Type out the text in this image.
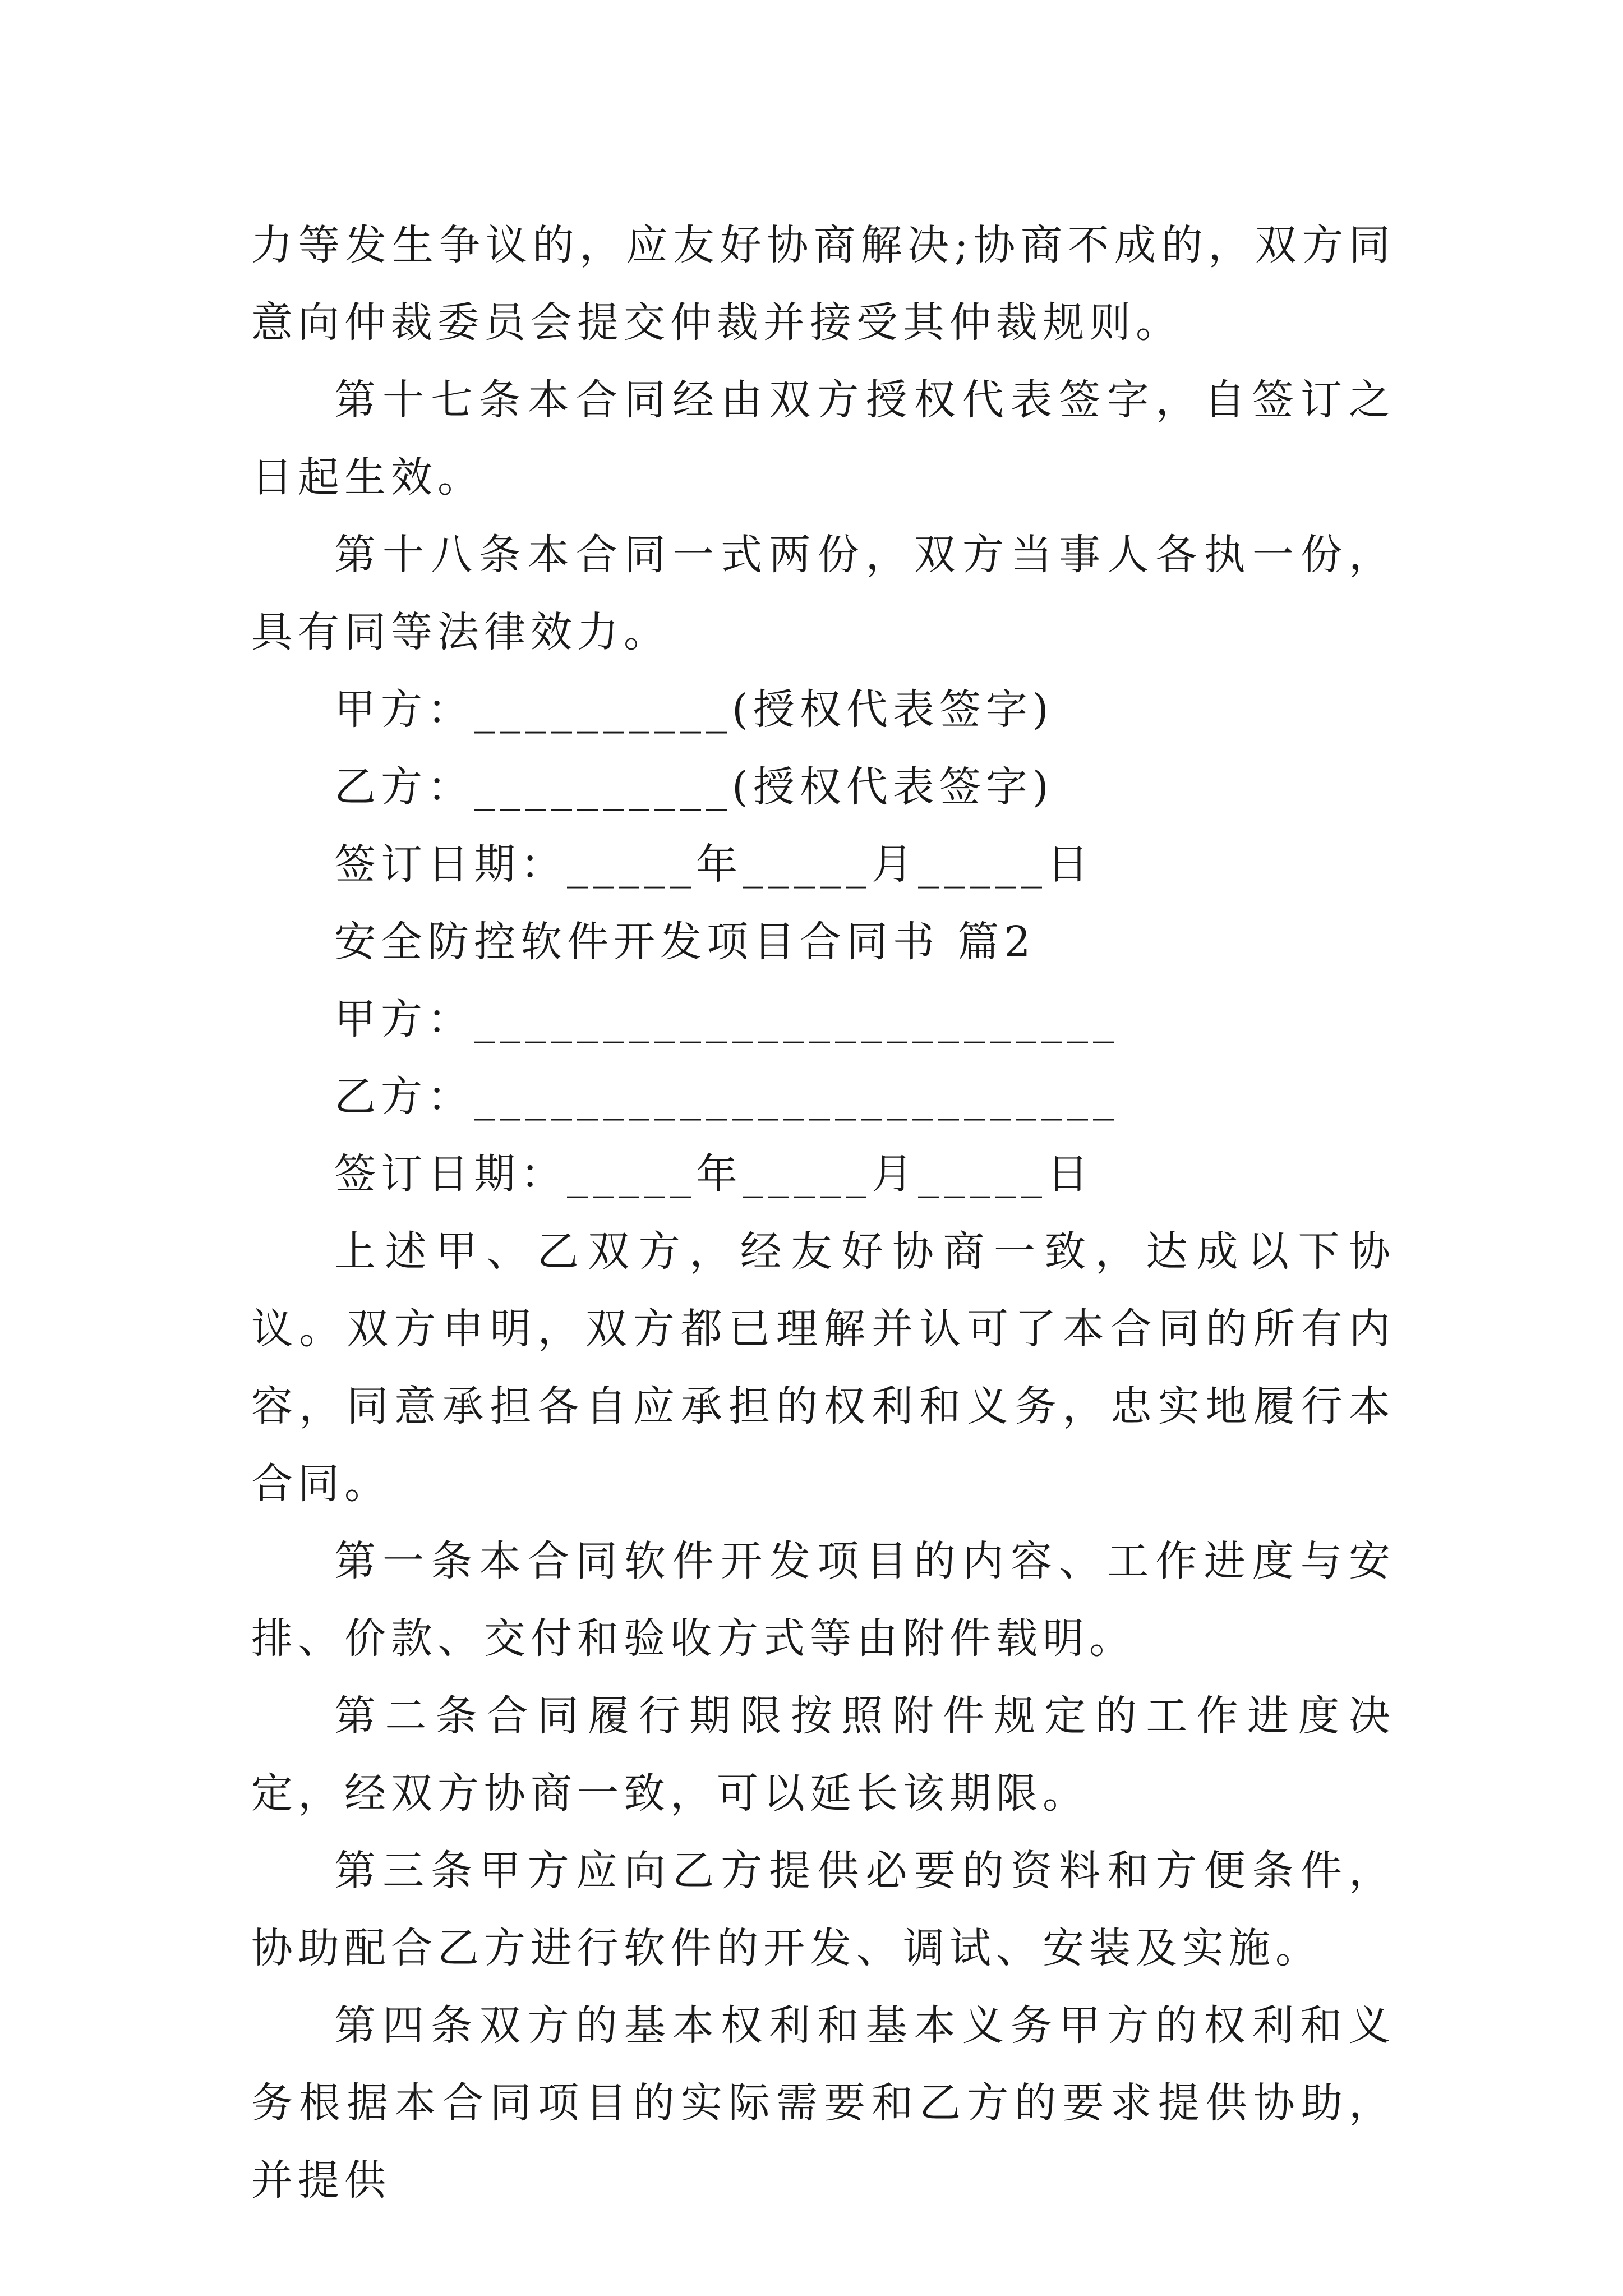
力等发生争议的，应友好协商解决;协商不成的，双方同意向仲裁委员会提交仲裁并接受其仲裁规则。

第十七条本合同经由双方授权代表签字，自签订之日起生效。

第十八条本合同一式两份，双方当事人各执一份，具有同等法律效力。

甲方：__________(授权代表签字)

乙方：__________(授权代表签字)

签订日期：_____年_____月_____日

安全防控软件开发项目合同书 篇2

甲方：_________________________

乙方：_________________________

签订日期：_____年_____月_____日

上述甲、乙双方，经友好协商一致，达成以下协议。双方申明，双方都已理解并认可了本合同的所有内容，同意承担各自应承担的权利和义务，忠实地履行本合同。

第一条本合同软件开发项目的内容、工作进度与安排、价款、交付和验收方式等由附件载明。

第二条合同履行期限按照附件规定的工作进度决定，经双方协商一致，可以延长该期限。

第三条甲方应向乙方提供必要的资料和方便条件，协助配合乙方进行软件的开发、调试、安装及实施。

第四条双方的基本权利和基本义务甲方的权利和义务根据本合同项目的实际需要和乙方的要求提供协助，并提供
